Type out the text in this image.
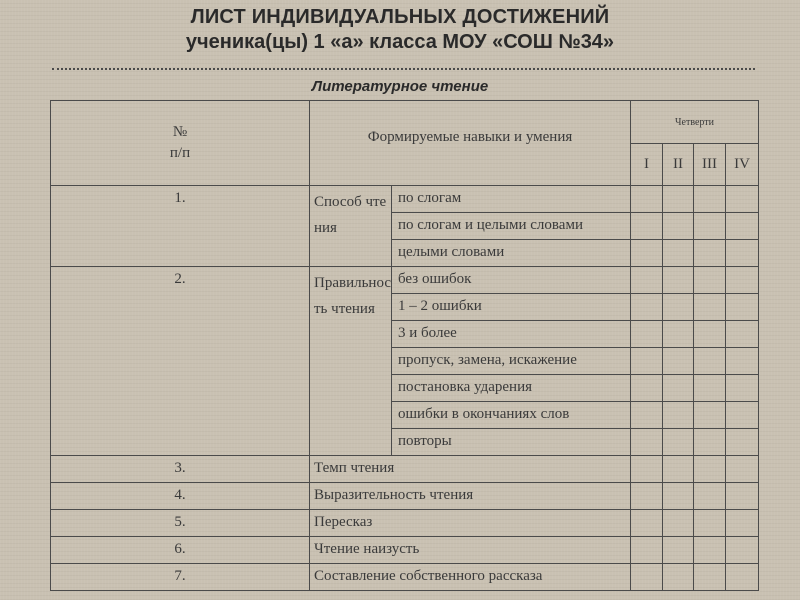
ЛИСТ ИНДИВИДУАЛЬНЫХ ДОСТИЖЕНИЙ
ученика(цы) 1 «а» класса МОУ «СОШ №34»
Литературное чтение
№
п/п	Формируемые навыки и умения		Четверти			
			I	II	III	IV
1.	Способ чтения	по слогам				
		по слогам и целыми словами				
		целыми словами				
2.	Правильность чтения	без ошибок				
		1 – 2 ошибки				
		3 и более				
		пропуск, замена, искажение				
		постановка ударения				
		ошибки в окончаниях слов				
		повторы				
3.	Темп чтения					
4.	Выразительность чтения					
5.	Пересказ					
6.	Чтение наизусть					
7.	Составление собственного рассказа					
